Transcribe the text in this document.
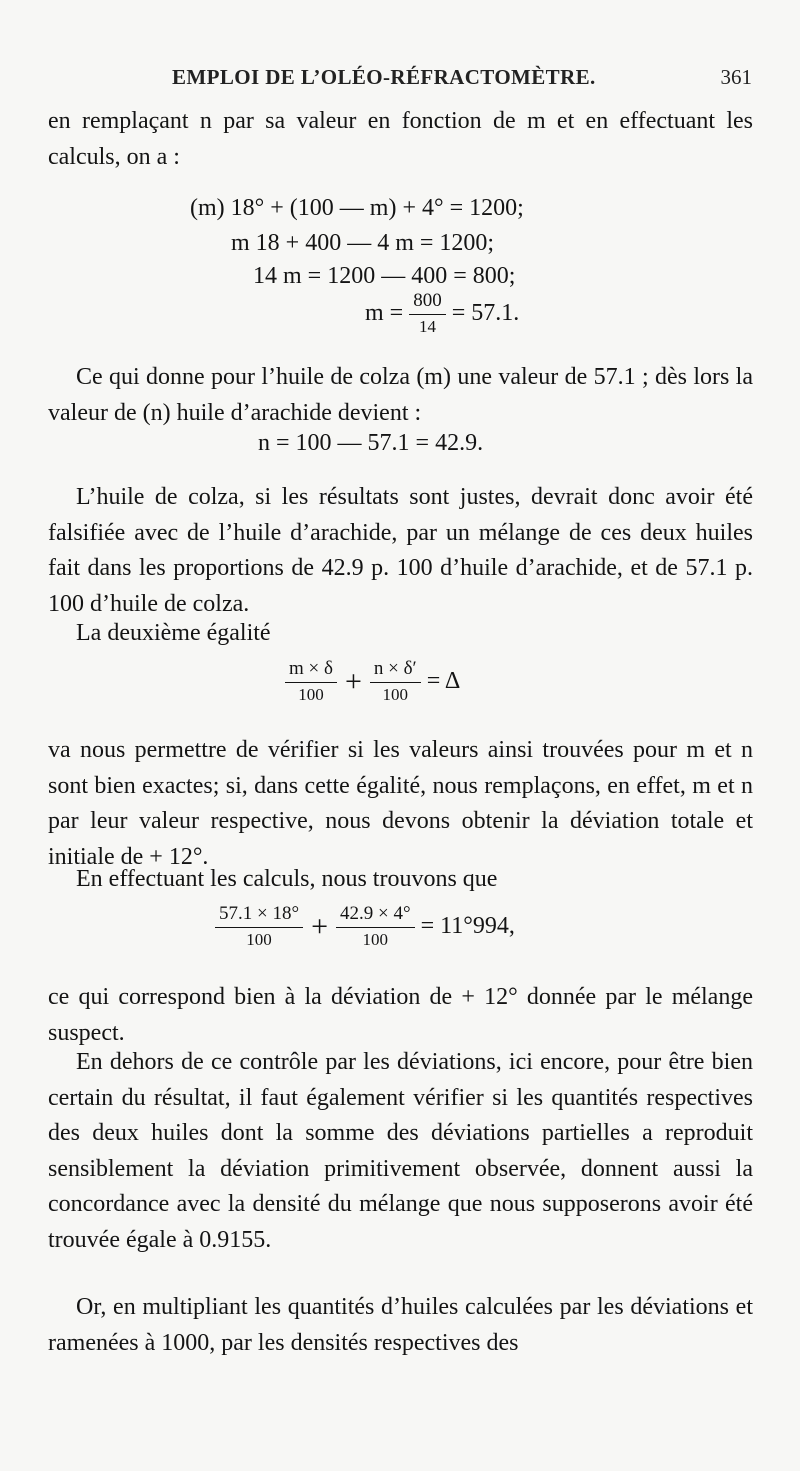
EMPLOI DE L’OLÉO-RÉFRACTOMÈTRE.	361

en remplaçant n par sa valeur en fonction de m et en effectuant les calculs, on a :

(m) 18° + (100 — m) + 4° = 1200;
m 18 + 400 — 4 m = 1200;
14 m = 1200 — 400 = 800;
$m = \frac{800}{14} = 57.1$.

Ce qui donne pour l’huile de colza (m) une valeur de 57.1 ; dès lors la valeur de (n) huile d’arachide devient :

n = 100 — 57.1 = 42.9.

L’huile de colza, si les résultats sont justes, devrait donc avoir été falsifiée avec de l’huile d’arachide, par un mélange de ces deux huiles fait dans les proportions de 42.9 p. 100 d’huile d’arachide, et de 57.1 p. 100 d’huile de colza.

La deuxième égalité

$\frac{m \times \delta}{100} + \frac{n \times \delta'}{100} = \Delta$

va nous permettre de vérifier si les valeurs ainsi trouvées pour m et n sont bien exactes; si, dans cette égalité, nous remplaçons, en effet, m et n par leur valeur respective, nous devons obtenir la déviation totale et initiale de + 12°.

En effectuant les calculs, nous trouvons que

$\frac{57.1 \times 18^\circ}{100} + \frac{42.9 \times 4^\circ}{100} = 11^\circ 994$,

ce qui correspond bien à la déviation de + 12° donnée par le mélange suspect.

En dehors de ce contrôle par les déviations, ici encore, pour être bien certain du résultat, il faut également vérifier si les quantités respectives des deux huiles dont la somme des déviations partielles a reproduit sensiblement la déviation primitivement observée, donnent aussi la concordance avec la densité du mélange que nous supposerons avoir été trouvée égale à 0.9155.

Or, en multipliant les quantités d’huiles calculées par les déviations et ramenées à 1000, par les densités respectives des
